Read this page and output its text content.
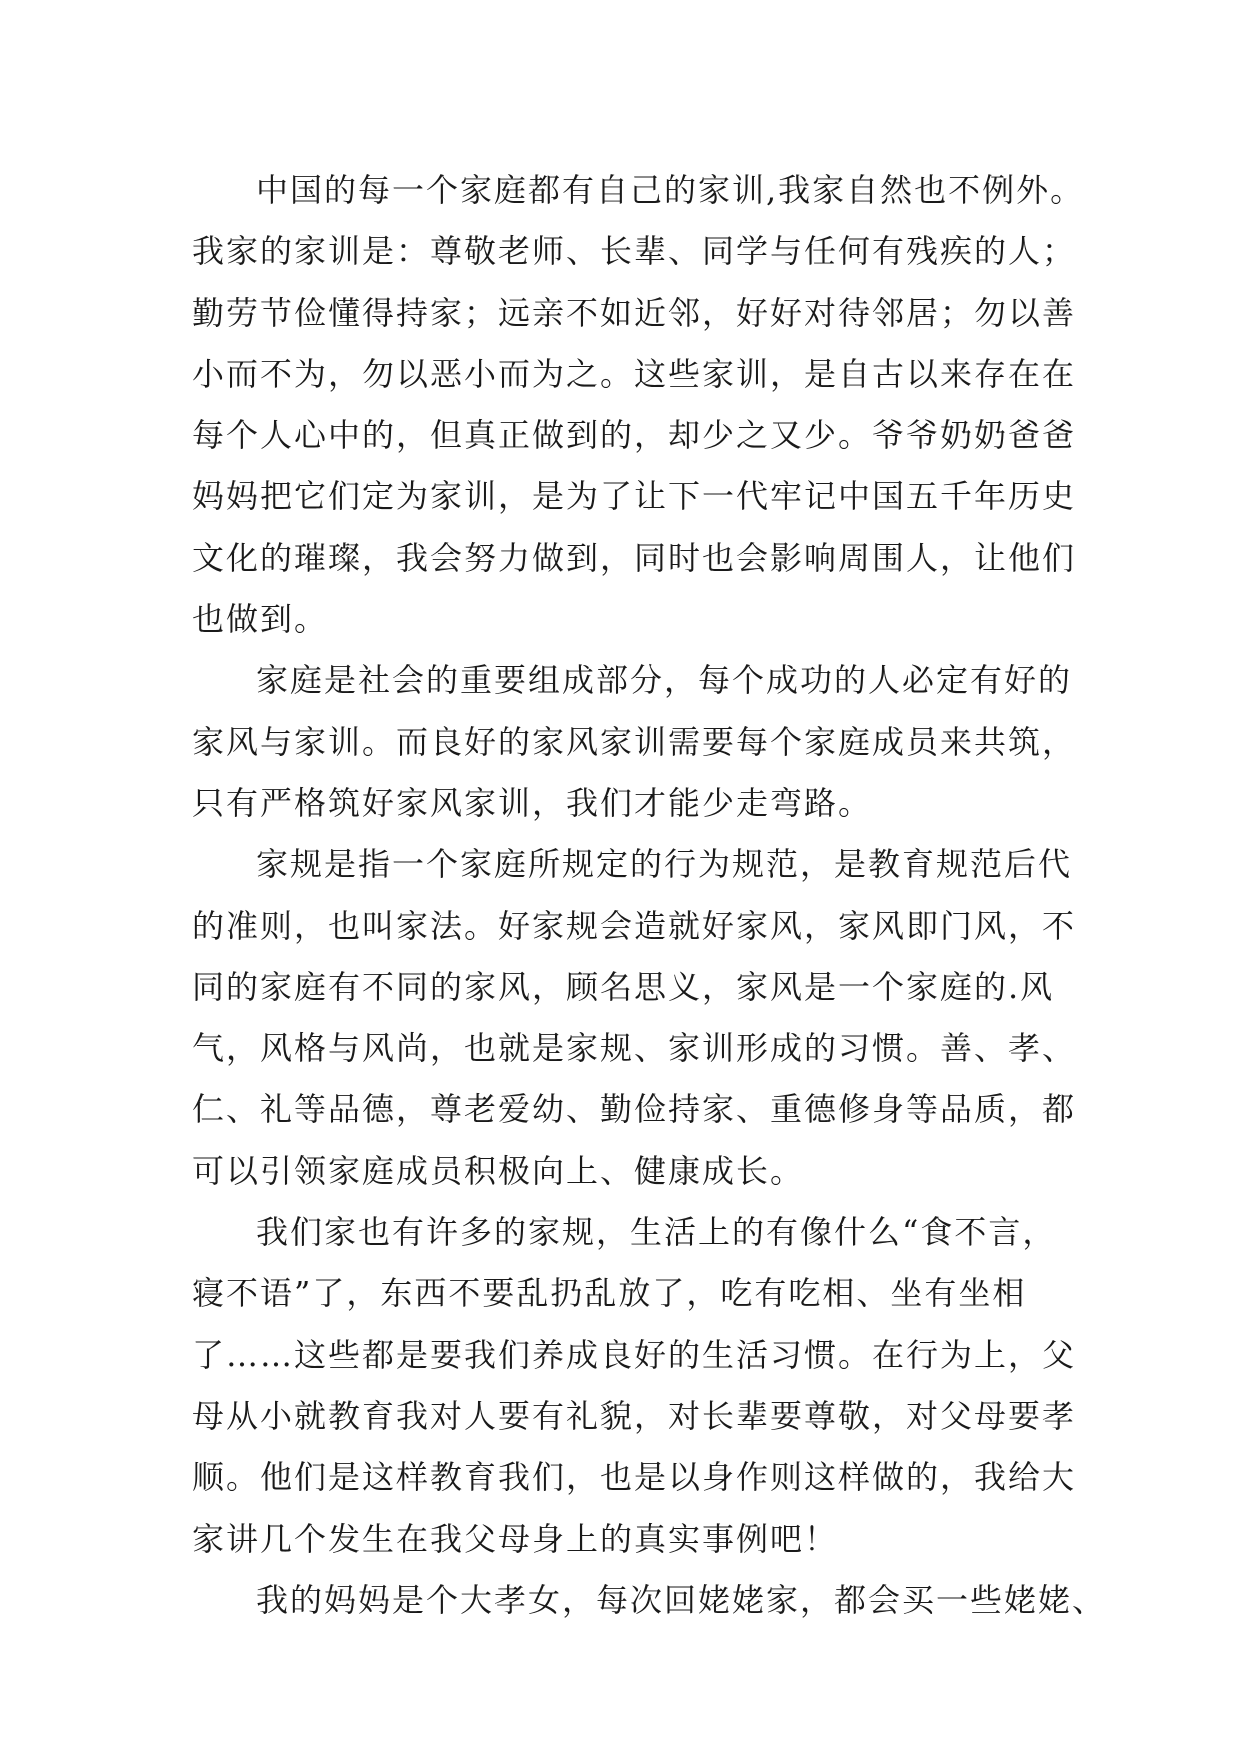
中国的每一个家庭都有自己的家训,我家自然也不例外。
我家的家训是：尊敬老师、长辈、同学与任何有残疾的人；
勤劳节俭懂得持家；远亲不如近邻，好好对待邻居；勿以善
小而不为，勿以恶小而为之。这些家训，是自古以来存在在
每个人心中的，但真正做到的，却少之又少。爷爷奶奶爸爸
妈妈把它们定为家训，是为了让下一代牢记中国五千年历史
文化的璀璨，我会努力做到，同时也会影响周围人，让他们
也做到。
家庭是社会的重要组成部分，每个成功的人必定有好的
家风与家训。而良好的家风家训需要每个家庭成员来共筑，
只有严格筑好家风家训，我们才能少走弯路。
家规是指一个家庭所规定的行为规范，是教育规范后代
的准则，也叫家法。好家规会造就好家风，家风即门风，不
同的家庭有不同的家风，顾名思义，家风是一个家庭的.风
气，风格与风尚，也就是家规、家训形成的习惯。善、孝、
仁、礼等品德，尊老爱幼、勤俭持家、重德修身等品质，都
可以引领家庭成员积极向上、健康成长。
我们家也有许多的家规，生活上的有像什么“食不言，
寝不语”了，东西不要乱扔乱放了，吃有吃相、坐有坐相
了……这些都是要我们养成良好的生活习惯。在行为上，父
母从小就教育我对人要有礼貌，对长辈要尊敬，对父母要孝
顺。他们是这样教育我们，也是以身作则这样做的，我给大
家讲几个发生在我父母身上的真实事例吧！
我的妈妈是个大孝女，每次回姥姥家，都会买一些姥姥、
